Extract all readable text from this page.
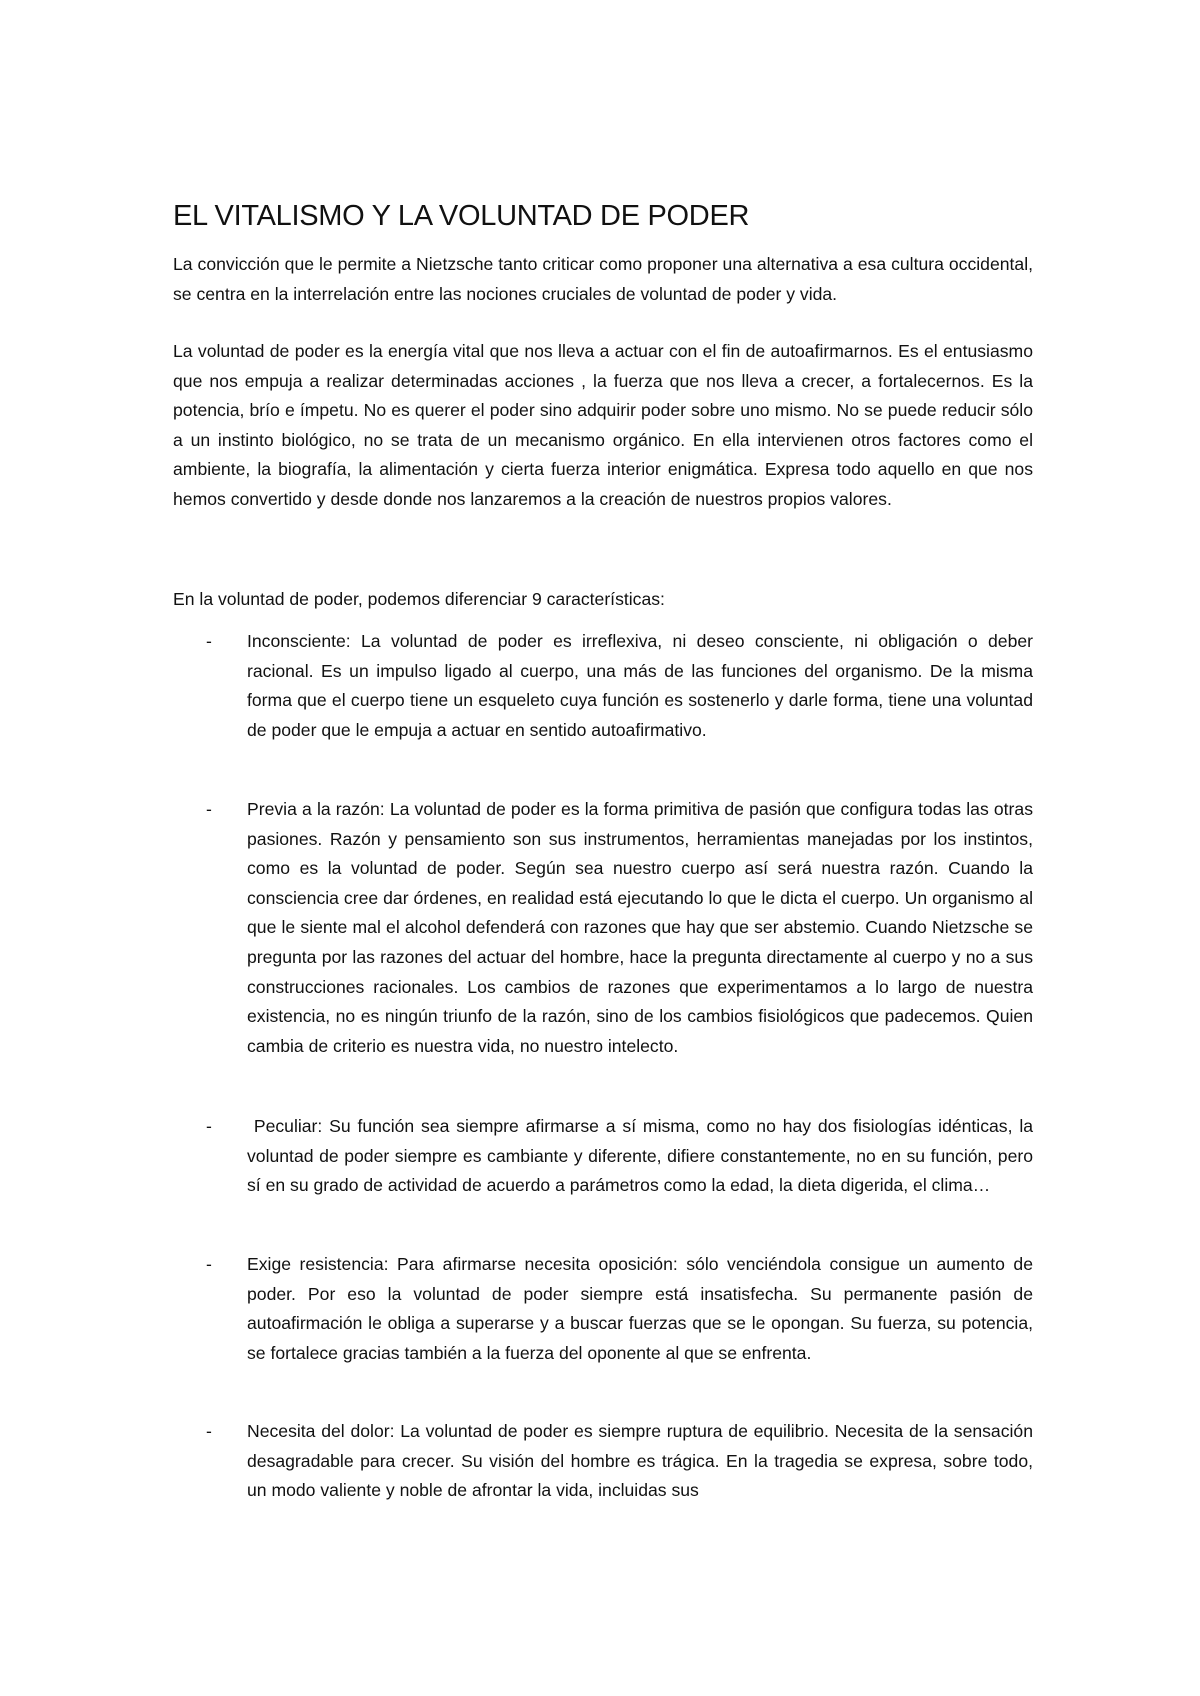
EL VITALISMO Y LA VOLUNTAD DE PODER

La convicción que le permite a Nietzsche tanto criticar como proponer una alternativa a esa cultura occidental, se centra en la interrelación entre las nociones cruciales de voluntad de poder y vida.

La voluntad de poder es la energía vital que nos lleva a actuar con el fin de autoafirmarnos. Es el entusiasmo que nos empuja a realizar determinadas acciones , la fuerza que nos lleva a crecer, a fortalecernos. Es la potencia, brío e ímpetu. No es querer el poder sino adquirir poder sobre uno mismo. No se puede reducir sólo a un instinto biológico, no se trata de un mecanismo orgánico. En ella intervienen otros factores como el ambiente, la biografía, la alimentación y cierta fuerza interior enigmática. Expresa todo aquello en que nos hemos convertido y desde donde nos lanzaremos a la creación de nuestros propios valores.

En la voluntad de poder, podemos diferenciar 9 características:

-	Inconsciente: La voluntad de poder es irreflexiva, ni deseo consciente, ni obligación o deber racional. Es un impulso ligado al cuerpo, una más de las funciones del organismo. De la misma forma que el cuerpo tiene un esqueleto cuya función es sostenerlo y darle forma, tiene una voluntad de poder que le empuja a actuar en sentido autoafirmativo.

-	Previa a la razón: La voluntad de poder es la forma primitiva de pasión que configura todas las otras pasiones. Razón y pensamiento son sus instrumentos, herramientas manejadas por los instintos, como es la voluntad de poder. Según sea nuestro cuerpo así será nuestra razón. Cuando la consciencia cree dar órdenes, en realidad está ejecutando lo que le dicta el cuerpo. Un organismo al que le siente mal el alcohol defenderá con razones que hay que ser abstemio. Cuando Nietzsche se pregunta por las razones del actuar del hombre, hace la pregunta directamente al cuerpo y no a sus construcciones racionales. Los cambios de razones que experimentamos a lo largo de nuestra existencia, no es ningún triunfo de la razón, sino de los cambios fisiológicos que padecemos. Quien cambia de criterio es nuestra vida, no nuestro intelecto.

-	Peculiar: Su función sea siempre afirmarse a sí misma, como no hay dos fisiologías idénticas, la voluntad de poder siempre es cambiante y diferente, difiere constantemente, no en su función, pero sí en su grado de actividad de acuerdo a parámetros como la edad, la dieta digerida, el clima…

-	Exige resistencia: Para afirmarse necesita oposición: sólo venciéndola consigue un aumento de poder. Por eso la voluntad de poder siempre está insatisfecha. Su permanente pasión de autoafirmación le obliga a superarse y a buscar fuerzas que se le opongan. Su fuerza, su potencia, se fortalece gracias también a la fuerza del oponente al que se enfrenta.

-	Necesita del dolor: La voluntad de poder es siempre ruptura de equilibrio. Necesita de la sensación desagradable para crecer. Su visión del hombre es trágica. En la tragedia se expresa, sobre todo, un modo valiente y noble de afrontar la vida, incluidas sus
